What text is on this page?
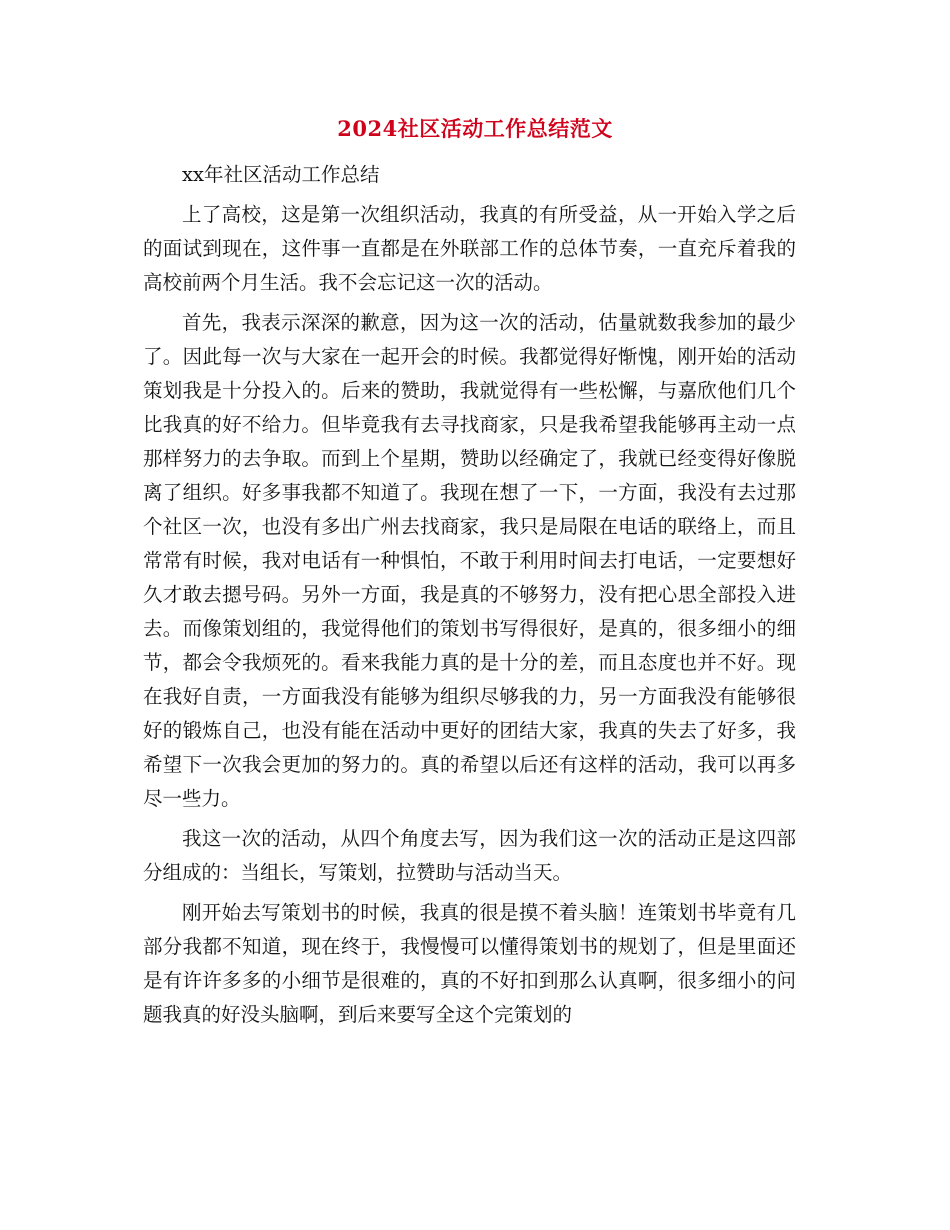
2024社区活动工作总结范文

xx年社区活动工作总结

上了高校，这是第一次组织活动，我真的有所受益，从一开始入学之后的面试到现在，这件事一直都是在外联部工作的总体节奏，一直充斥着我的高校前两个月生活。我不会忘记这一次的活动。

首先，我表示深深的歉意，因为这一次的活动，估量就数我参加的最少了。因此每一次与大家在一起开会的时候。我都觉得好惭愧，刚开始的活动策划我是十分投入的。后来的赞助，我就觉得有一些松懈，与嘉欣他们几个比我真的好不给力。但毕竟我有去寻找商家，只是我希望我能够再主动一点那样努力的去争取。而到上个星期，赞助以经确定了，我就已经变得好像脱离了组织。好多事我都不知道了。我现在想了一下，一方面，我没有去过那个社区一次，也没有多出广州去找商家，我只是局限在电话的联络上，而且常常有时候，我对电话有一种惧怕，不敢于利用时间去打电话，一定要想好久才敢去摁号码。另外一方面，我是真的不够努力，没有把心思全部投入进去。而像策划组的，我觉得他们的策划书写得很好，是真的，很多细小的细节，都会令我烦死的。看来我能力真的是十分的差，而且态度也并不好。现在我好自责，一方面我没有能够为组织尽够我的力，另一方面我没有能够很好的锻炼自己，也没有能在活动中更好的团结大家，我真的失去了好多，我希望下一次我会更加的努力的。真的希望以后还有这样的活动，我可以再多尽一些力。

我这一次的活动，从四个角度去写，因为我们这一次的活动正是这四部分组成的：当组长，写策划，拉赞助与活动当天。

刚开始去写策划书的时候，我真的很是摸不着头脑！连策划书毕竟有几部分我都不知道，现在终于，我慢慢可以懂得策划书的规划了，但是里面还是有许许多多的小细节是很难的，真的不好扣到那么认真啊，很多细小的问题我真的好没头脑啊，到后来要写全这个完策划的
